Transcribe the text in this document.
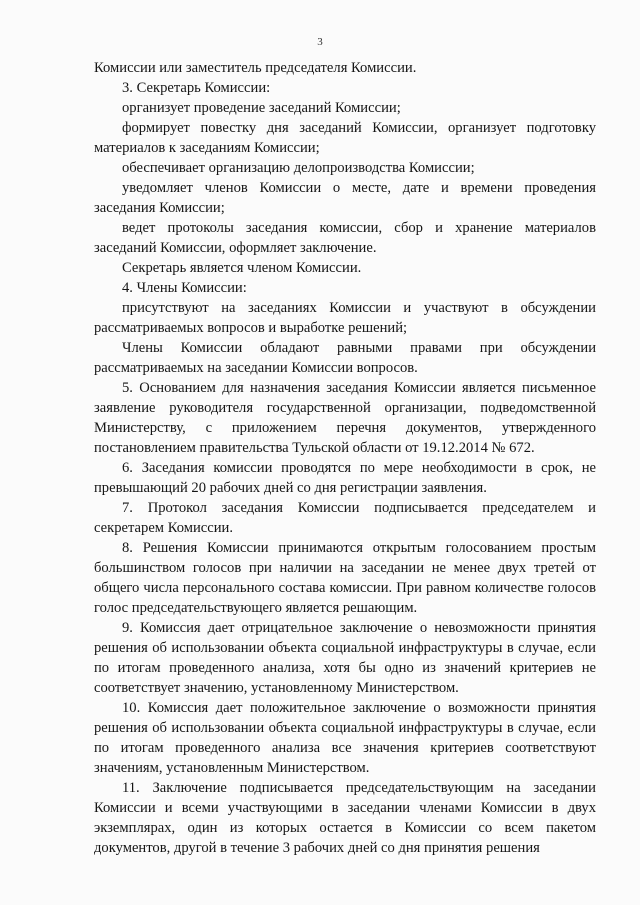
3

Комиссии или заместитель председателя Комиссии.

3. Секретарь Комиссии:

организует проведение заседаний Комиссии;

формирует повестку дня заседаний Комиссии, организует подготовку материалов к заседаниям Комиссии;

обеспечивает организацию делопроизводства Комиссии;

уведомляет членов Комиссии о месте, дате и времени проведения заседания Комиссии;

ведет протоколы заседания комиссии, сбор и хранение материалов заседаний Комиссии, оформляет заключение.

Секретарь является членом Комиссии.

4. Члены Комиссии:

присутствуют на заседаниях Комиссии и участвуют в обсуждении рассматриваемых вопросов и выработке решений;

Члены Комиссии обладают равными правами при обсуждении рассматриваемых на заседании Комиссии вопросов.

5. Основанием для назначения заседания Комиссии является письменное заявление руководителя государственной организации, подведомственной Министерству, с приложением перечня документов, утвержденного постановлением правительства Тульской области от 19.12.2014 № 672.

6. Заседания комиссии проводятся по мере необходимости в срок, не превышающий 20 рабочих дней со дня регистрации заявления.

7. Протокол заседания Комиссии подписывается председателем и секретарем Комиссии.

8. Решения Комиссии принимаются открытым голосованием простым большинством голосов при наличии на заседании не менее двух третей от общего числа персонального состава комиссии. При равном количестве голосов голос председательствующего является решающим.

9. Комиссия дает отрицательное заключение о невозможности принятия решения об использовании объекта социальной инфраструктуры в случае, если по итогам проведенного анализа, хотя бы одно из значений критериев не соответствует значению, установленному Министерством.

10. Комиссия дает положительное заключение о возможности принятия решения об использовании объекта социальной инфраструктуры в случае, если по итогам проведенного анализа все значения критериев соответствуют значениям, установленным Министерством.

11. Заключение подписывается председательствующим на заседании Комиссии и всеми участвующими в заседании членами Комиссии в двух экземплярах, один из которых остается в Комиссии со всем пакетом документов, другой в течение 3 рабочих дней со дня принятия решения
